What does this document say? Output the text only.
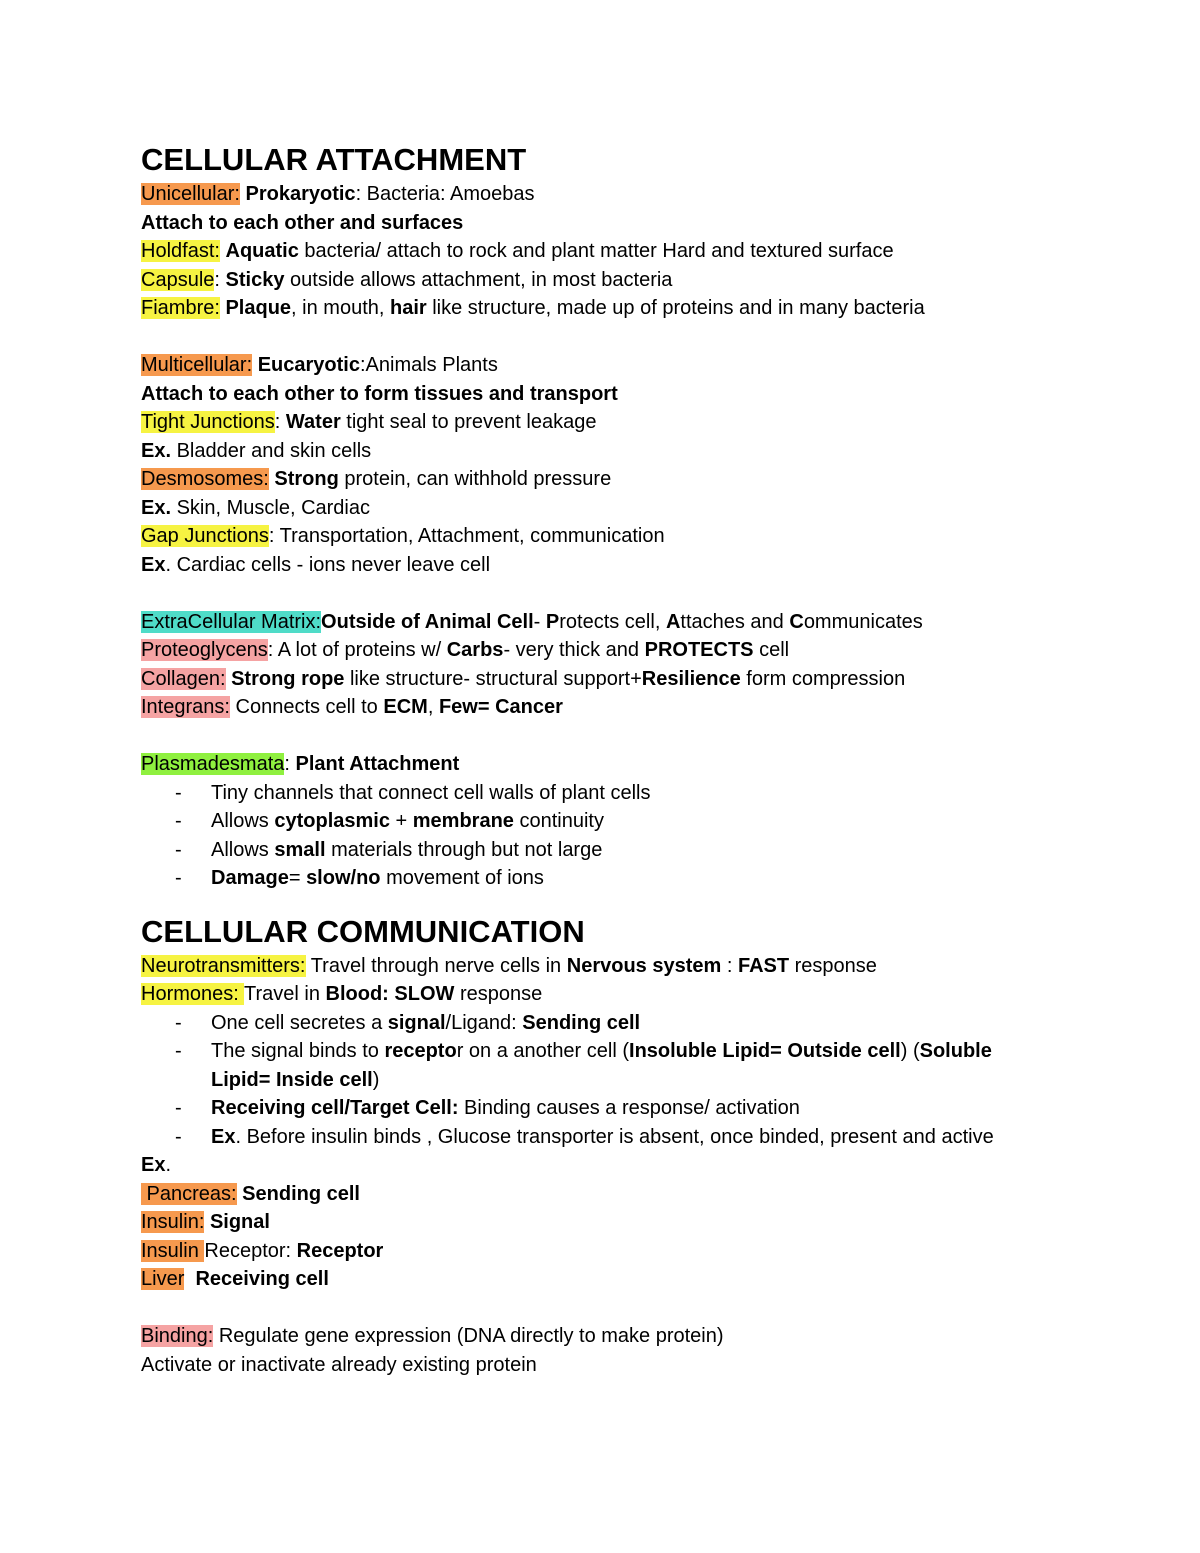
CELLULAR ATTACHMENT

Unicellular: Prokaryotic: Bacteria: Amoebas

Attach to each other and surfaces

Holdfast: Aquatic bacteria/ attach to rock and plant matter Hard and textured surface

Capsule: Sticky outside allows attachment, in most bacteria

Fiambre: Plaque, in mouth, hair like structure, made up of proteins and in many bacteria

Multicellular: Eucaryotic:Animals Plants

Attach to each other to form tissues and transport

Tight Junctions: Water tight seal to prevent leakage

Ex. Bladder and skin cells

Desmosomes: Strong protein, can withhold pressure

Ex. Skin, Muscle, Cardiac

Gap Junctions: Transportation, Attachment, communication

Ex. Cardiac cells - ions never leave cell

ExtraCellular Matrix:Outside of Animal Cell- Protects cell, Attaches and Communicates

Proteoglycens: A lot of proteins w/ Carbs- very thick and PROTECTS cell

Collagen: Strong rope like structure- structural support+Resilience form compression

Integrans: Connects cell to ECM, Few= Cancer

Plasmadesmata: Plant Attachment

- Tiny channels that connect cell walls of plant cells
- Allows cytoplasmic + membrane continuity
- Allows small materials through but not large
- Damage= slow/no movement of ions

CELLULAR COMMUNICATION

Neurotransmitters: Travel through nerve cells in Nervous system : FAST response

Hormones: Travel in Blood: SLOW response

- One cell secretes a signal/Ligand: Sending cell
- The signal binds to receptor on a another cell (Insoluble Lipid= Outside cell) (Soluble Lipid= Inside cell)
- Receiving cell/Target Cell: Binding causes a response/ activation
- Ex. Before insulin binds , Glucose transporter is absent, once binded, present and active

Ex.

Pancreas: Sending cell

Insulin: Signal

Insulin Receptor: Receptor

Liver Receiving cell

Binding: Regulate gene expression (DNA directly to make protein)

Activate or inactivate already existing protein
